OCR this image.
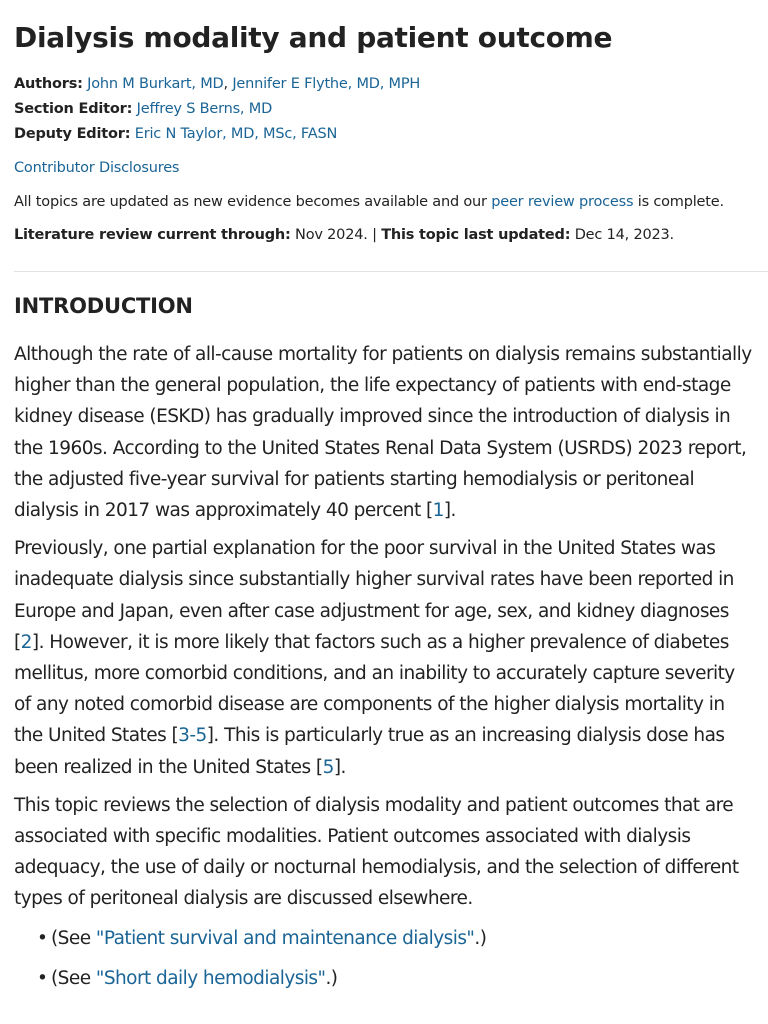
Dialysis modality and patient outcome
Authors: John M Burkart, MD, Jennifer E Flythe, MD, MPH
Section Editor: Jeffrey S Berns, MD
Deputy Editor: Eric N Taylor, MD, MSc, FASN
Contributor Disclosures
All topics are updated as new evidence becomes available and our peer review process is complete.
Literature review current through: Nov 2024. | This topic last updated: Dec 14, 2023.
INTRODUCTION

Although the rate of all-cause mortality for patients on dialysis remains substantially higher than the general population, the life expectancy of patients with end-stage kidney disease (ESKD) has gradually improved since the introduction of dialysis in the 1960s. According to the United States Renal Data System (USRDS) 2023 report, the adjusted five-year survival for patients starting hemodialysis or peritoneal dialysis in 2017 was approximately 40 percent [1].

Previously, one partial explanation for the poor survival in the United States was inadequate dialysis since substantially higher survival rates have been reported in Europe and Japan, even after case adjustment for age, sex, and kidney diagnoses [2]. However, it is more likely that factors such as a higher prevalence of diabetes mellitus, more comorbid conditions, and an inability to accurately capture severity of any noted comorbid disease are components of the higher dialysis mortality in the United States [3-5]. This is particularly true as an increasing dialysis dose has been realized in the United States [5].

This topic reviews the selection of dialysis modality and patient outcomes that are associated with specific modalities. Patient outcomes associated with dialysis adequacy, the use of daily or nocturnal hemodialysis, and the selection of different types of peritoneal dialysis are discussed elsewhere.

• (See "Patient survival and maintenance dialysis".)
• (See "Short daily hemodialysis".)
